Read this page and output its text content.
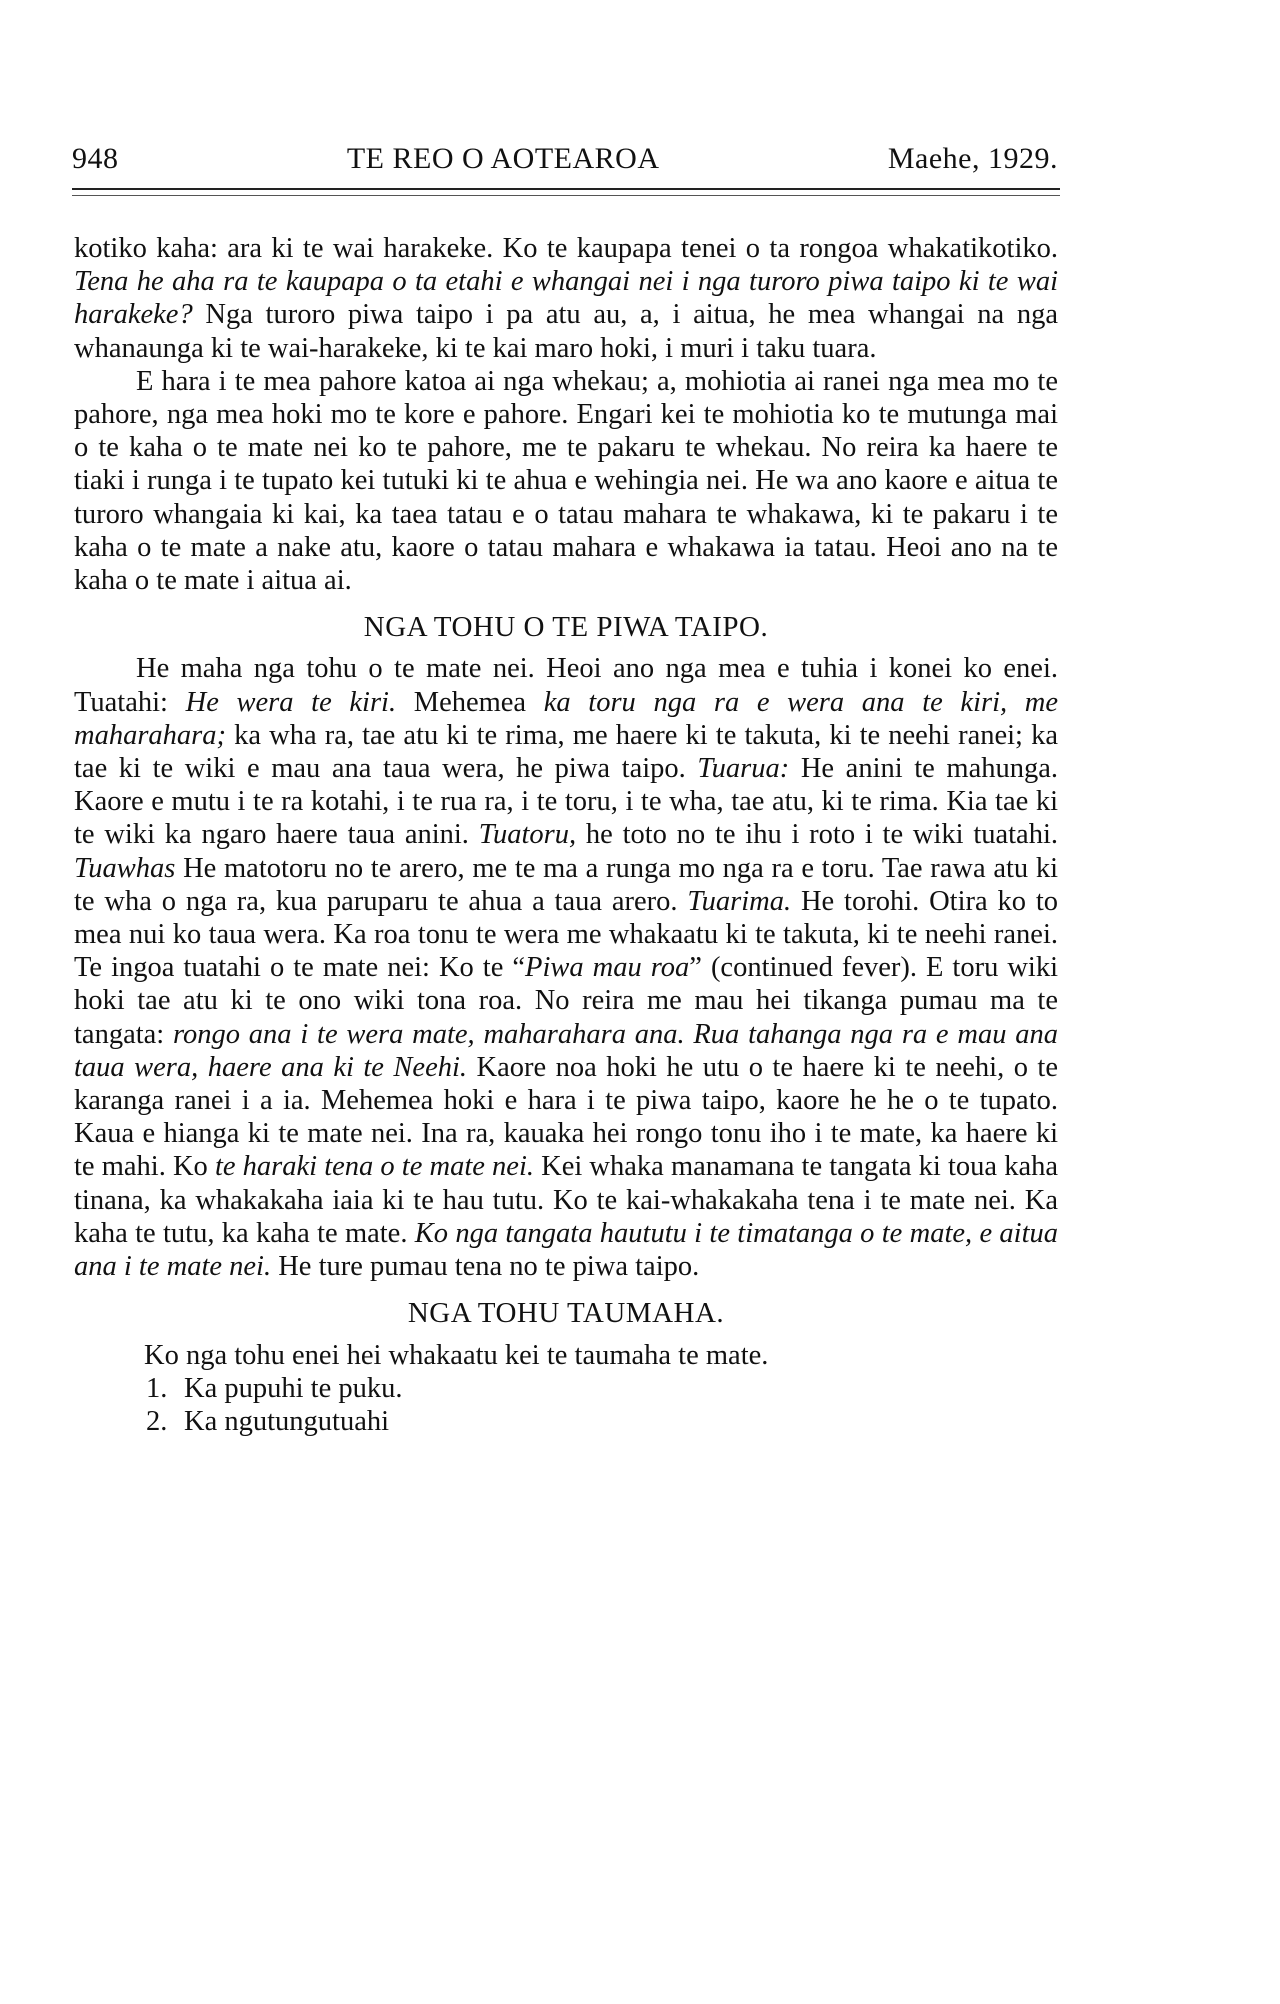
948	TE REO O AOTEAROA	Maehe, 1929.

kotiko kaha: ara ki te wai harakeke. Ko te kaupapa tenei o ta rongoa whakatikotiko. Tena he aha ra te kaupapa o ta etahi e whangai nei i nga turoro piwa taipo ki te wai harakeke? Nga turoro piwa taipo i pa atu au, a, i aitua, he mea whangai na nga whanaunga ki te wai-harakeke, ki te kai maro hoki, i muri i taku tuara.

E hara i te mea pahore katoa ai nga whekau; a, mohiotia ai ranei nga mea mo te pahore, nga mea hoki mo te kore e pahore. Engari kei te mohiotia ko te mutunga mai o te kaha o te mate nei ko te pahore, me te pakaru te whekau. No reira ka haere te tiaki i runga i te tupato kei tutuki ki te ahua e wehingia nei. He wa ano kaore e aitua te turoro whangaia ki kai, ka taea tatau e o tatau mahara te whakawa, ki te pakaru i te kaha o te mate a nake atu, kaore o tatau mahara e whakawa ia tatau. Heoi ano na te kaha o te mate i aitua ai.

NGA TOHU O TE PIWA TAIPO.

He maha nga tohu o te mate nei. Heoi ano nga mea e tuhia i konei ko enei. Tuatahi: He wera te kiri. Mehemea ka toru nga ra e wera ana te kiri, me maharahara; ka wha ra, tae atu ki te rima, me haere ki te takuta, ki te neehi ranei; ka tae ki te wiki e mau ana taua wera, he piwa taipo. Tuarua: He anini te mahunga. Kaore e mutu i te ra kotahi, i te rua ra, i te toru, i te wha, tae atu, ki te rima. Kia tae ki te wiki ka ngaro haere taua anini. Tuatoru, he toto no te ihu i roto i te wiki tuatahi. Tuawhas He matotoru no te arero, me te ma a runga mo nga ra e toru. Tae rawa atu ki te wha o nga ra, kua paruparu te ahua a taua arero. Tuarima. He torohi. Otira ko to mea nui ko taua wera. Ka roa tonu te wera me whakaatu ki te takuta, ki te neehi ranei. Te ingoa tuatahi o te mate nei: Ko te “Piwa mau roa” (continued fever). E toru wiki hoki tae atu ki te ono wiki tona roa. No reira me mau hei tikanga pumau ma te tangata: rongo ana i te wera mate, maharahara ana. Rua tahanga nga ra e mau ana taua wera, haere ana ki te Neehi. Kaore noa hoki he utu o te haere ki te neehi, o te karanga ranei i a ia. Mehemea hoki e hara i te piwa taipo, kaore he he o te tupato. Kaua e hianga ki te mate nei. Ina ra, kauaka hei rongo tonu iho i te mate, ka haere ki te mahi. Ko te haraki tena o te mate nei. Kei whaka manamana te tangata ki toua kaha tinana, ka whakakaha iaia ki te hau tutu. Ko te kai-whakakaha tena i te mate nei. Ka kaha te tutu, ka kaha te mate. Ko nga tangata haututu i te timatanga o te mate, e aitua ana i te mate nei. He ture pumau tena no te piwa taipo.

NGA TOHU TAUMAHA.

Ko nga tohu enei hei whakaatu kei te taumaha te mate.

1. Ka pupuhi te puku.
2. Ka ngutungutuahi
